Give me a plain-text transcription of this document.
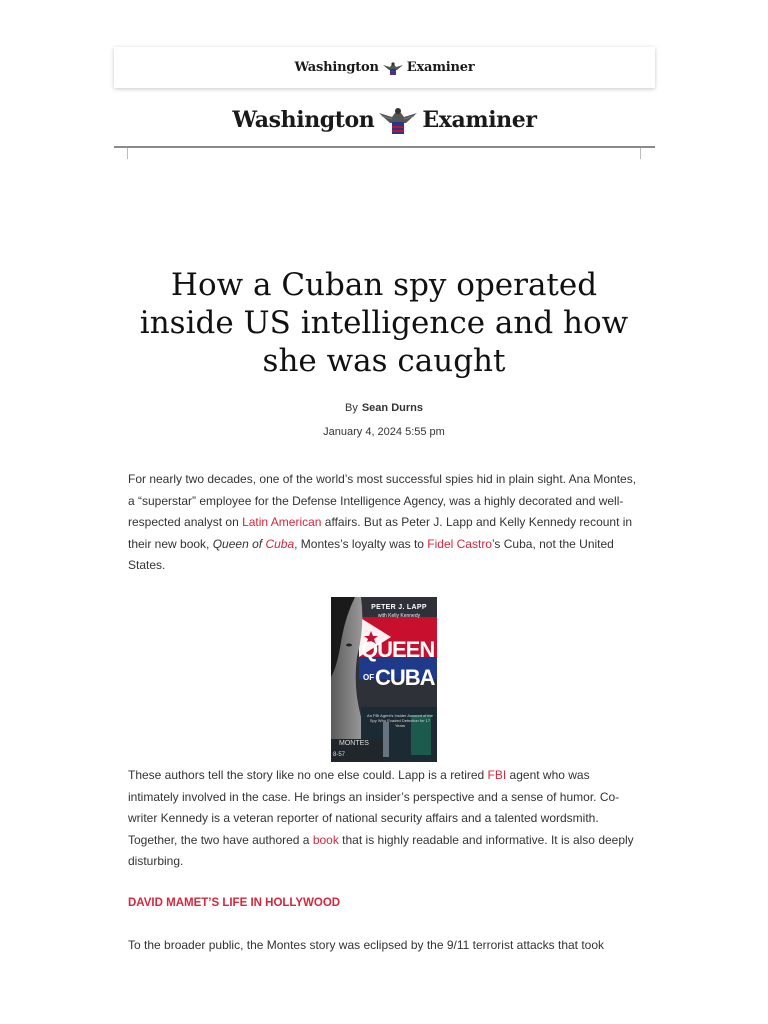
Washington Examiner
Washington Examiner
How a Cuban spy operated inside US intelligence and how she was caught
By Sean Durns
January 4, 2024 5:55 pm

For nearly two decades, one of the world’s most successful spies hid in plain sight. Ana Montes, a “superstar” employee for the Defense Intelligence Agency, was a highly decorated and well-respected analyst on Latin American affairs. But as Peter J. Lapp and Kelly Kennedy recount in their new book, Queen of Cuba, Montes’s loyalty was to Fidel Castro’s Cuba, not the United States.

PETER J. LAPP
with Kelly Kennedy
QUEEN
OF CUBA
An FBI Agent's Insider Account of the Spy Who Evaded Detection for 17 Years
MONTES
8-57

These authors tell the story like no one else could. Lapp is a retired FBI agent who was intimately involved in the case. He brings an insider’s perspective and a sense of humor. Co-writer Kennedy is a veteran reporter of national security affairs and a talented wordsmith. Together, the two have authored a book that is highly readable and informative. It is also deeply disturbing.

DAVID MAMET’S LIFE IN HOLLYWOOD

To the broader public, the Montes story was eclipsed by the 9/11 terrorist attacks that took
